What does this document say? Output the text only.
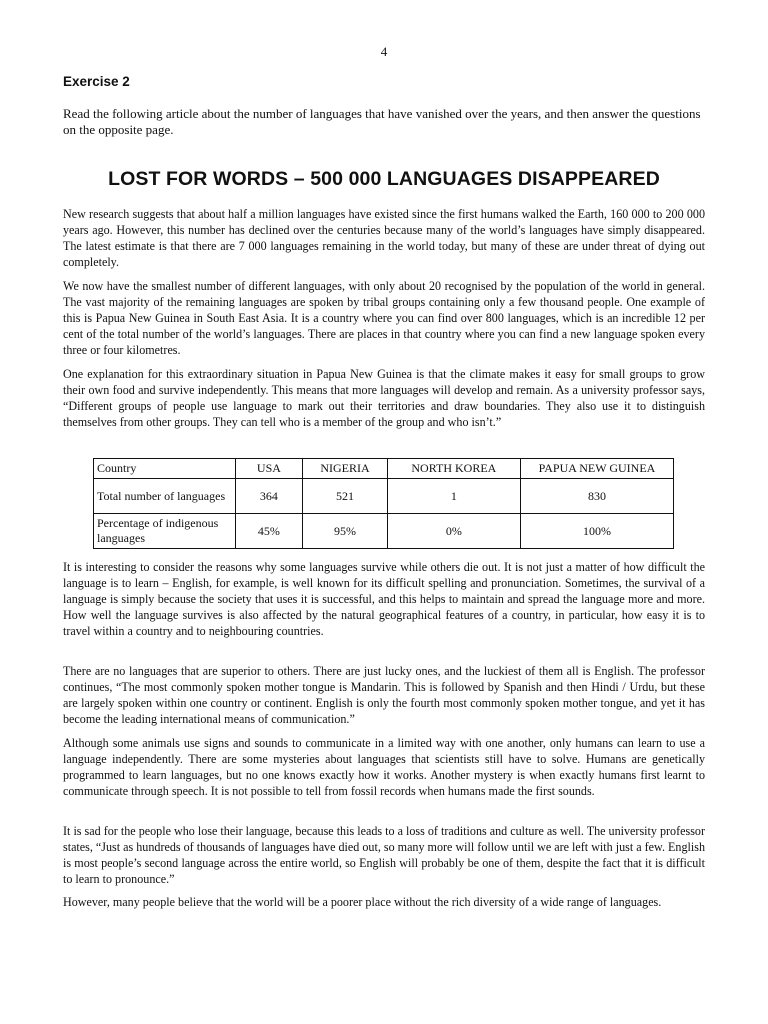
4
Exercise 2
Read the following article about the number of languages that have vanished over the years, and then answer the questions on the opposite page.
LOST FOR WORDS – 500 000 LANGUAGES DISAPPEARED

New research suggests that about half a million languages have existed since the first humans walked the Earth, 160 000 to 200 000 years ago. However, this number has declined over the centuries because many of the world’s languages have simply disappeared. The latest estimate is that there are 7 000 languages remaining in the world today, but many of these are under threat of dying out completely.

We now have the smallest number of different languages, with only about 20 recognised by the population of the world in general. The vast majority of the remaining languages are spoken by tribal groups containing only a few thousand people. One example of this is Papua New Guinea in South East Asia. It is a country where you can find over 800 languages, which is an incredible 12 per cent of the total number of the world’s languages. There are places in that country where you can find a new language spoken every three or four kilometres.

One explanation for this extraordinary situation in Papua New Guinea is that the climate makes it easy for small groups to grow their own food and survive independently. This means that more languages will develop and remain. As a university professor says, “Different groups of people use language to mark out their territories and draw boundaries. They also use it to distinguish themselves from other groups. They can tell who is a member of the group and who isn’t.”

Country	USA	NIGERIA	NORTH KOREA	PAPUA NEW GUINEA
Total number of languages	364	521	1	830
Percentage of indigenous languages	45%	95%	0%	100%

It is interesting to consider the reasons why some languages survive while others die out. It is not just a matter of how difficult the language is to learn – English, for example, is well known for its difficult spelling and pronunciation. Sometimes, the survival of a language is simply because the society that uses it is successful, and this helps to maintain and spread the language more and more. How well the language survives is also affected by the natural geographical features of a country, in particular, how easy it is to travel within a country and to neighbouring countries.

There are no languages that are superior to others. There are just lucky ones, and the luckiest of them all is English. The professor continues, “The most commonly spoken mother tongue is Mandarin. This is followed by Spanish and then Hindi / Urdu, but these are largely spoken within one country or continent. English is only the fourth most commonly spoken mother tongue, and yet it has become the leading international means of communication.”

Although some animals use signs and sounds to communicate in a limited way with one another, only humans can learn to use a language independently. There are some mysteries about languages that scientists still have to solve. Humans are genetically programmed to learn languages, but no one knows exactly how it works. Another mystery is when exactly humans first learnt to communicate through speech. It is not possible to tell from fossil records when humans made the first sounds.

It is sad for the people who lose their language, because this leads to a loss of traditions and culture as well. The university professor states, “Just as hundreds of thousands of languages have died out, so many more will follow until we are left with just a few. English is most people’s second language across the entire world, so English will probably be one of them, despite the fact that it is difficult to learn to pronounce.”

However, many people believe that the world will be a poorer place without the rich diversity of a wide range of languages.
